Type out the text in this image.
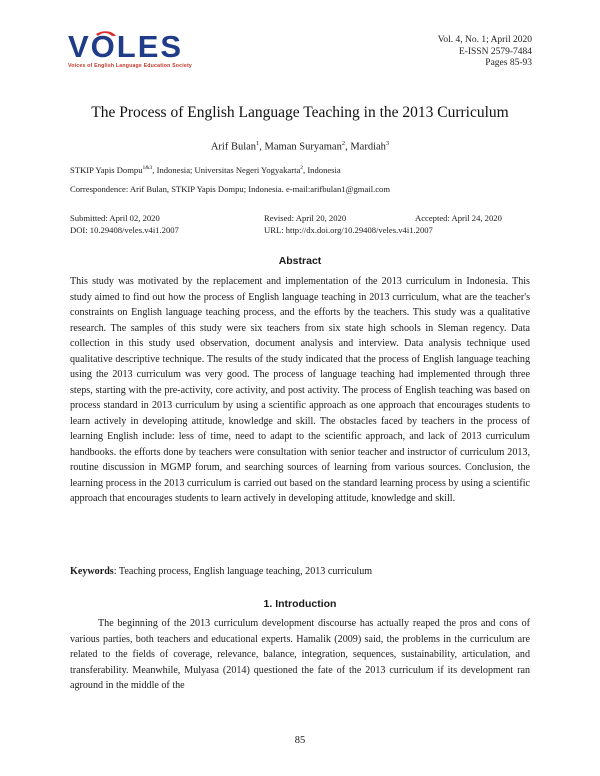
VOLES
Voices of English Language Education Society
Vol. 4, No. 1; April 2020
E-ISSN 2579-7484
Pages 85-93
The Process of English Language Teaching in the 2013 Curriculum
Arif Bulan$^1$, Maman Suryaman$^2$, Mardiah$^3$
STKIP Yapis Dompu$^{1\&3}$, Indonesia; Universitas Negeri Yogyakarta$^2$, Indonesia
Correspondence: Arif Bulan, STKIP Yapis Dompu; Indonesia. e-mail:arifbulan1@gmail.com
Submitted: April 02, 2020
DOI: 10.29408/veles.v4i1.2007
Revised: April 20, 2020
URL: http://dx.doi.org/10.29408/veles.v4i1.2007
Accepted: April 24, 2020
Abstract

This study was motivated by the replacement and implementation of the 2013 curriculum in Indonesia. This study aimed to find out how the process of English language teaching in 2013 curriculum, what are the teacher's constraints on English language teaching process, and the efforts by the teachers. This study was a qualitative research. The samples of this study were six teachers from six state high schools in Sleman regency. Data collection in this study used observation, document analysis and interview. Data analysis technique used qualitative descriptive technique. The results of the study indicated that the process of English language teaching using the 2013 curriculum was very good. The process of language teaching had implemented through three steps, starting with the pre-activity, core activity, and post activity. The process of English teaching was based on process standard in 2013 curriculum by using a scientific approach as one approach that encourages students to learn actively in developing attitude, knowledge and skill. The obstacles faced by teachers in the process of learning English include: less of time, need to adapt to the scientific approach, and lack of 2013 curriculum handbooks. the efforts done by teachers were consultation with senior teacher and instructor of curriculum 2013, routine discussion in MGMP forum, and searching sources of learning from various sources. Conclusion, the learning process in the 2013 curriculum is carried out based on the standard learning process by using a scientific approach that encourages students to learn actively in developing attitude, knowledge and skill.

Keywords: Teaching process, English language teaching, 2013 curriculum
1. Introduction

The beginning of the 2013 curriculum development discourse has actually reaped the pros and cons of various parties, both teachers and educational experts. Hamalik (2009) said, the problems in the curriculum are related to the fields of coverage, relevance, balance, integration, sequences, sustainability, articulation, and transferability. Meanwhile, Mulyasa (2014) questioned the fate of the 2013 curriculum if its development ran aground in the middle of the

85
